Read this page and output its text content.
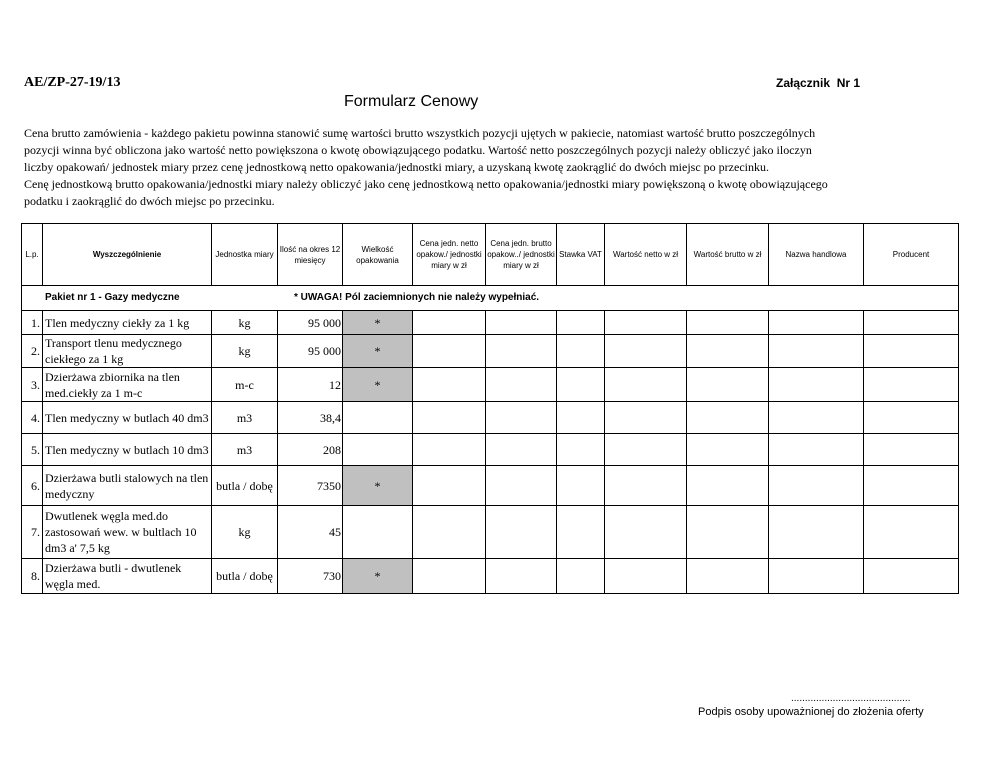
AE/ZP-27-19/13	Załącznik  Nr 1
Formularz Cenowy
Cena brutto zamówienia - każdego pakietu powinna stanowić sumę wartości brutto wszystkich pozycji ujętych w pakiecie, natomiast wartość brutto poszczególnych
pozycji winna być obliczona jako wartość netto powiększona o kwotę obowiązującego podatku. Wartość netto poszczególnych pozycji należy obliczyć jako iloczyn
liczby opakowań/ jednostek miary przez cenę jednostkową netto opakowania/jednostki miary, a uzyskaną kwotę zaokrąglić do dwóch miejsc po przecinku.
Cenę jednostkową brutto opakowania/jednostki miary należy obliczyć jako cenę jednostkową netto opakowania/jednostki miary powiększoną o kwotę obowiązującego
podatku i zaokrąglić do dwóch miejsc po przecinku.
L.p.	Wyszczególnienie	Jednostka miary	Ilość na okres 12 miesięcy	Wielkość opakowania	Cena jedn. netto opakow./ jednostki miary w zł	Cena jedn. brutto opakow../ jednostki miary w zł	Stawka VAT	Wartość netto w zł	Wartość brutto w zł	Nazwa handlowa	Producent

Pakiet nr 1 - Gazy medyczne * UWAGA! Pól zaciemnionych nie należy wypełniać.											

1.	Tlen medyczny ciekły za 1 kg	kg	95 000	*							
2.	Transport tlenu medycznego ciekłego za 1 kg	kg	95 000	*							
3.	Dzierżawa zbiornika na tlen med.ciekły za 1 m-c	m-c	12	*							
4.	Tlen medyczny w butlach 40 dm3	m3	38,4								
5.	Tlen medyczny w butlach 10 dm3	m3	208								
6.	Dzierżawa butli stalowych na tlen medyczny	butla / dobę	7350	*							
7.	Dwutlenek węgla med.do zastosowań wew. w bultlach 10 dm3 a' 7,5 kg	kg	45								
8.	Dzierżawa butli - dwutlenek węgla med.	butla / dobę	730	*							
...........................................
Podpis osoby upoważnionej do złożenia oferty
